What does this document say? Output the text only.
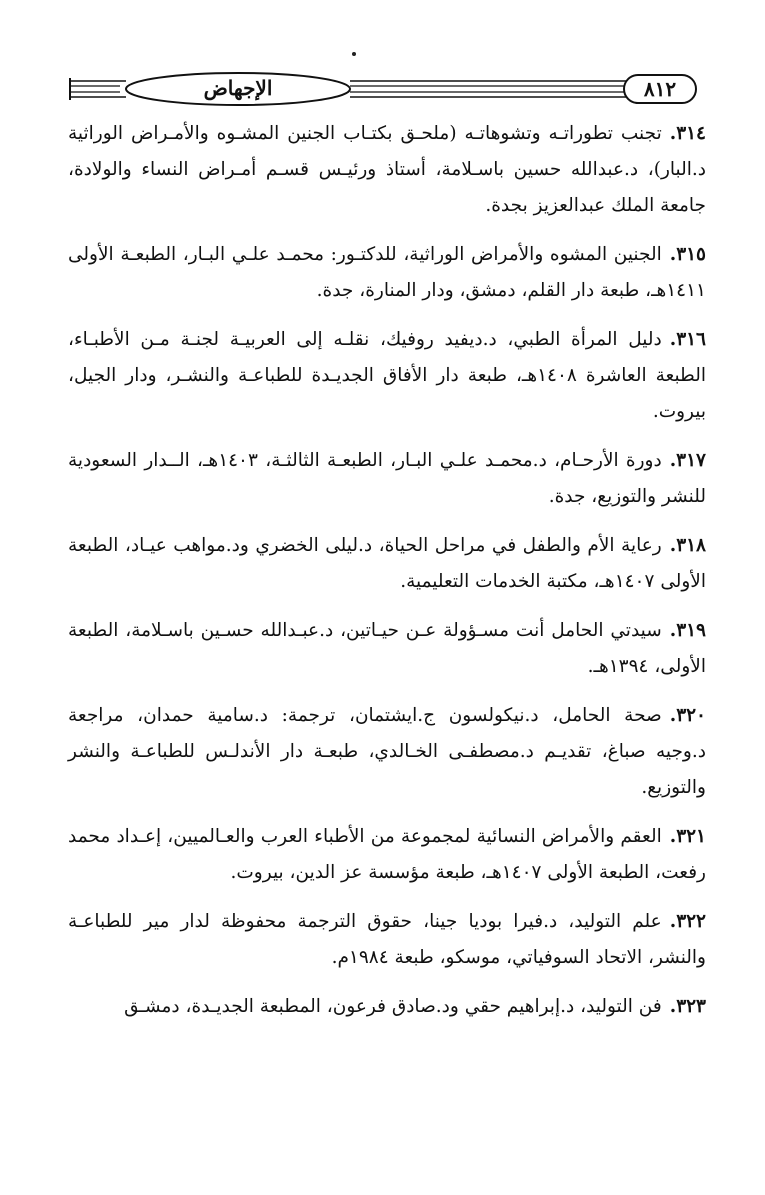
الإجهاض	٨١٢

٣١٤.تجنب تطوراتـه وتشوهاتـه (ملحـق بكتـاب الجنين المشـوه والأمـراض الوراثية د.البار)، د.عبدالله حسين باسـلامة، أستاذ ورئيـس قسـم أمـراض النساء والولادة، جامعة الملك عبدالعزيز بجدة.

٣١٥.الجنين المشوه والأمراض الوراثية، للدكتـور: محمـد علـي البـار، الطبعـة الأولى ١٤١١هـ، طبعة دار القلم، دمشق، ودار المنارة، جدة.

٣١٦.دليل المرأة الطبي، د.ديفيد روفيك، نقلـه إلى العربيـة لجنـة مـن الأطبـاء، الطبعة العاشرة ١٤٠٨هـ، طبعة دار الأفاق الجديـدة للطباعـة والنشـر، ودار الجيل، بيروت.

٣١٧.دورة الأرحـام، د.محمـد علـي البـار، الطبعـة الثالثـة، ١٤٠٣هـ، الــدار السعودية للنشر والتوزيع، جدة.

٣١٨.رعاية الأم والطفل في مراحل الحياة، د.ليلى الخضري ود.مواهب عيـاد، الطبعة الأولى ١٤٠٧هـ، مكتبة الخدمات التعليمية.

٣١٩.سيدتي الحامل أنت مسـؤولة عـن حيـاتين، د.عبـدالله حسـين باسـلامة، الطبعة الأولى، ١٣٩٤هـ.

٣٢٠.صحة الحامل، د.نيكولسون ج.ايشتمان، ترجمة: د.سامية حمدان، مراجعة د.وجيه صباغ، تقديـم د.مصطفـى الخـالدي، طبعـة دار الأندلـس للطباعـة والنشر والتوزيع.

٣٢١.العقم والأمراض النسائية لمجموعة من الأطباء العرب والعـالميين، إعـداد محمد رفعت، الطبعة الأولى ١٤٠٧هـ، طبعة مؤسسة عز الدين، بيروت.

٣٢٢.علم التوليد، د.فيرا بوديا جينا، حقوق الترجمة محفوظة لدار مير للطباعـة والنشر، الاتحاد السوفياتي، موسكو، طبعة ١٩٨٤م.

٣٢٣.فن التوليد، د.إبراهيم حقي ود.صادق فرعون، المطبعة الجديـدة، دمشـق
